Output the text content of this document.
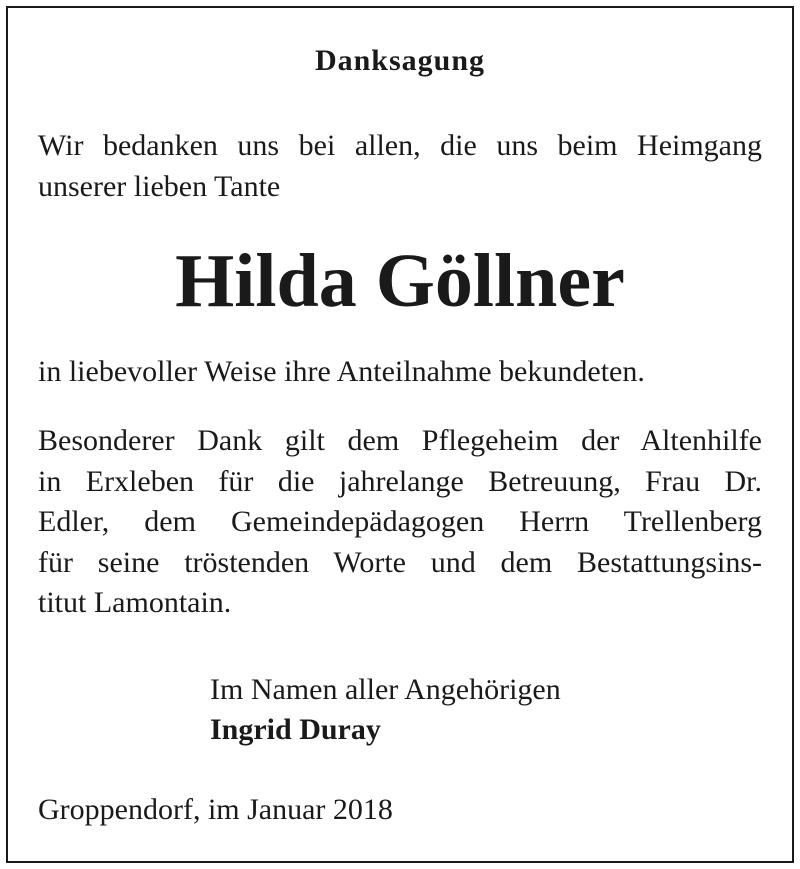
Danksagung

Wir bedanken uns bei allen, die uns beim Heimgang
unserer lieben Tante

Hilda Göllner

in liebevoller Weise ihre Anteilnahme bekundeten.

Besonderer Dank gilt dem Pflegeheim der Altenhilfe
in Erxleben für die jahrelange Betreuung, Frau Dr.
Edler, dem Gemeindepädagogen Herrn Trellenberg
für seine tröstenden Worte und dem Bestattungsins-
titut Lamontain.

Im Namen aller Angehörigen
Ingrid Duray
Groppendorf, im Januar 2018
